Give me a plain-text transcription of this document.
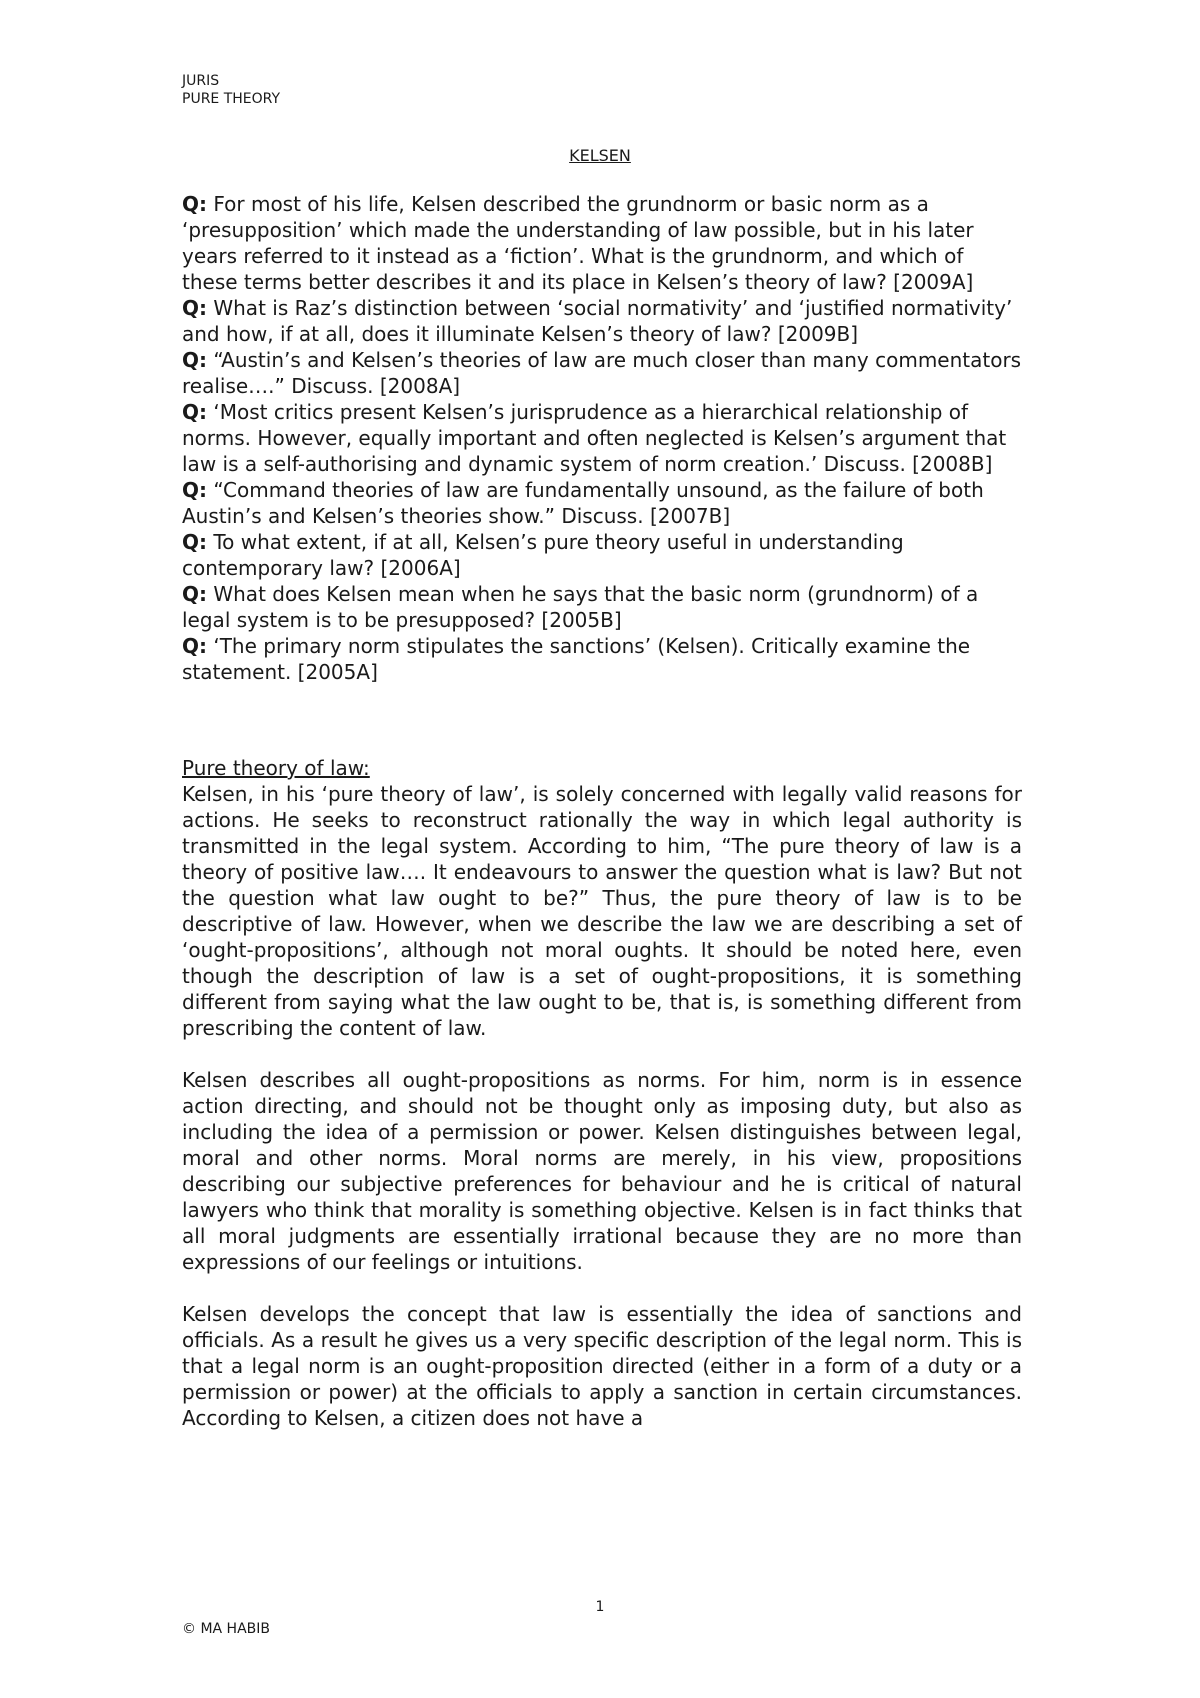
JURIS
PURE THEORY
KELSEN

Q: For most of his life, Kelsen described the grundnorm or basic norm as a ‘presupposition’ which made the understanding of law possible, but in his later years referred to it instead as a ‘fiction’. What is the grundnorm, and which of these terms better describes it and its place in Kelsen’s theory of law? [2009A]

Q: What is Raz’s distinction between ‘social normativity’ and ‘justified normativity’ and how, if at all, does it illuminate Kelsen’s theory of law? [2009B]

Q: “Austin’s and Kelsen’s theories of law are much closer than many commentators realise….” Discuss. [2008A]

Q: ‘Most critics present Kelsen’s jurisprudence as a hierarchical relationship of norms. However, equally important and often neglected is Kelsen’s argument that law is a self-authorising and dynamic system of norm creation.’ Discuss. [2008B]

Q: “Command theories of law are fundamentally unsound, as the failure of both Austin’s and Kelsen’s theories show.” Discuss. [2007B]

Q: To what extent, if at all, Kelsen’s pure theory useful in understanding contemporary law? [2006A]

Q: What does Kelsen mean when he says that the basic norm (grundnorm) of a legal system is to be presupposed? [2005B]

Q: ‘The primary norm stipulates the sanctions’ (Kelsen). Critically examine the statement. [2005A]

Pure theory of law:

Kelsen, in his ‘pure theory of law’, is solely concerned with legally valid reasons for actions. He seeks to reconstruct rationally the way in which legal authority is transmitted in the legal system. According to him, “The pure theory of law is a theory of positive law…. It endeavours to answer the question what is law? But not the question what law ought to be?” Thus, the pure theory of law is to be descriptive of law. However, when we describe the law we are describing a set of ‘ought-propositions’, although not moral oughts. It should be noted here, even though the description of law is a set of ought-propositions, it is something different from saying what the law ought to be, that is, is something different from prescribing the content of law.

Kelsen describes all ought-propositions as norms. For him, norm is in essence action directing, and should not be thought only as imposing duty, but also as including the idea of a permission or power. Kelsen distinguishes between legal, moral and other norms. Moral norms are merely, in his view, propositions describing our subjective preferences for behaviour and he is critical of natural lawyers who think that morality is something objective. Kelsen is in fact thinks that all moral judgments are essentially irrational because they are no more than expressions of our feelings or intuitions.

Kelsen develops the concept that law is essentially the idea of sanctions and officials. As a result he gives us a very specific description of the legal norm. This is that a legal norm is an ought-proposition directed (either in a form of a duty or a permission or power) at the officials to apply a sanction in certain circumstances. According to Kelsen, a citizen does not have a

1
© MA HABIB
